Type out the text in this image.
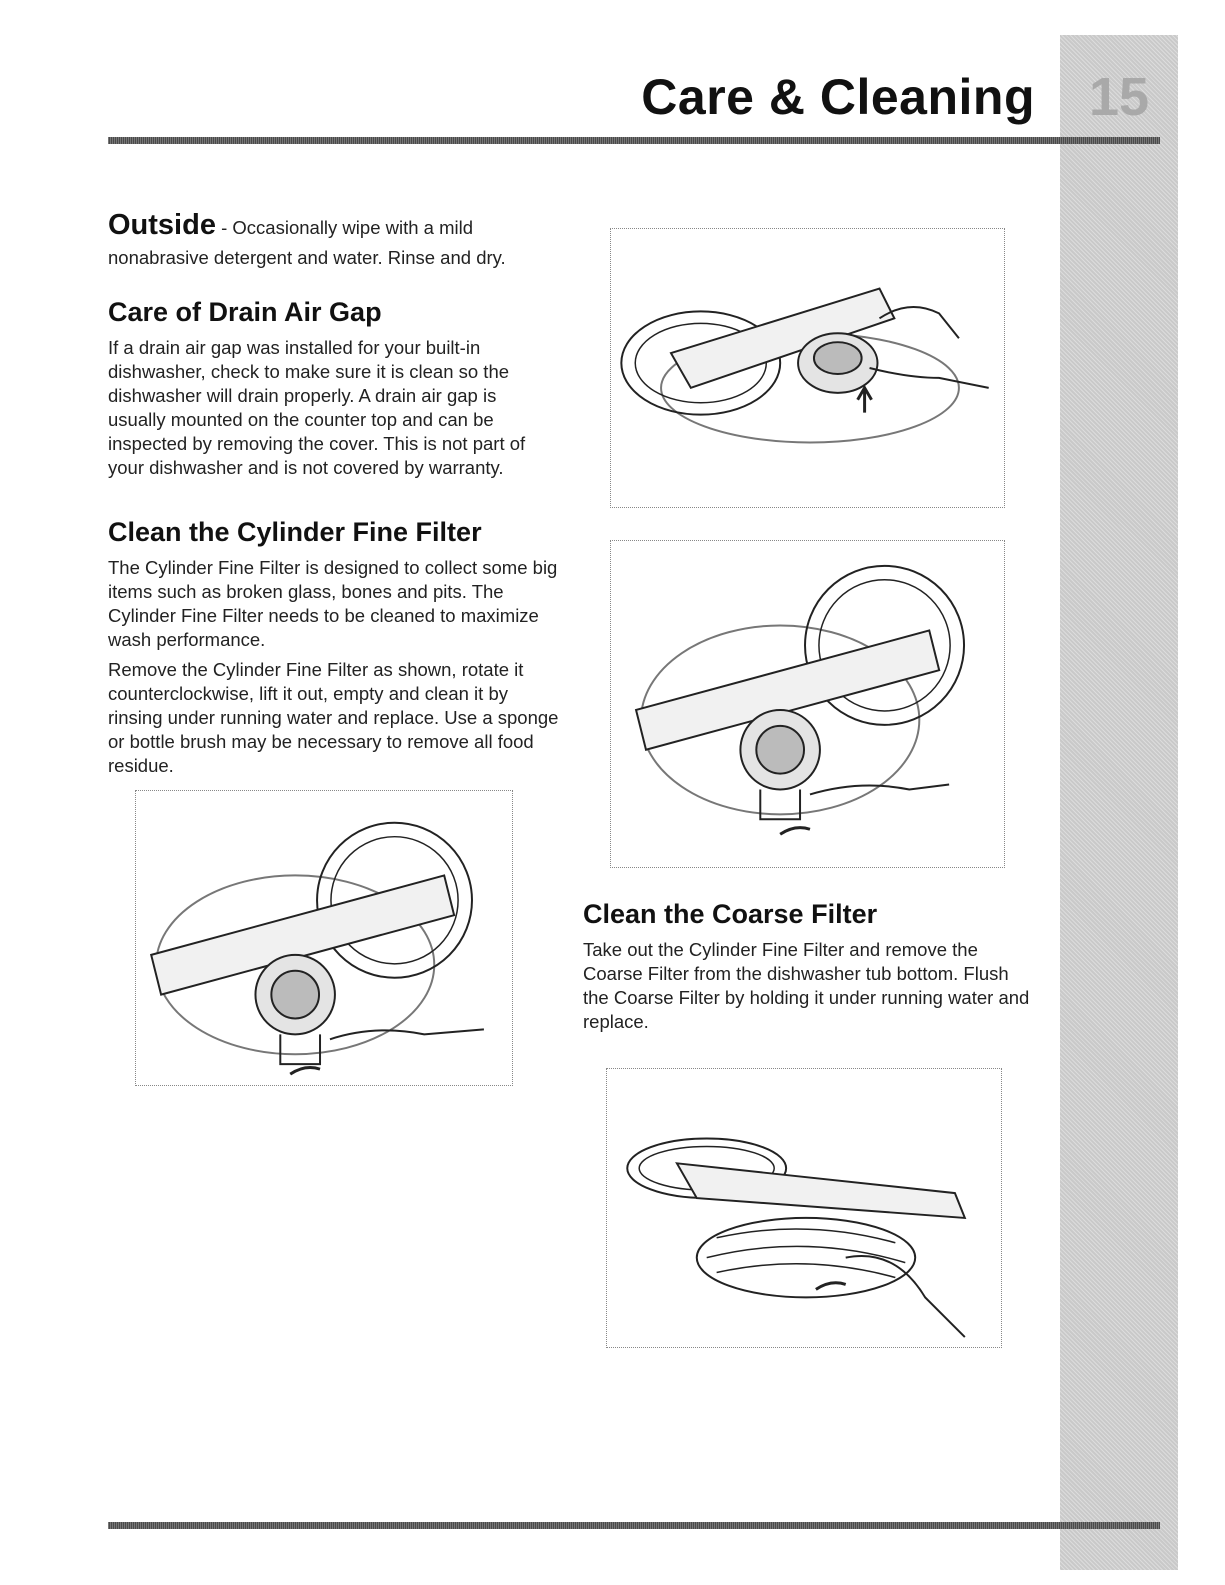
Care & Cleaning 15

Outside - Occasionally wipe with a mild

nonabrasive detergent and water. Rinse and dry.

Care of Drain Air Gap

If a drain air gap was installed for your built-in dishwasher, check to make sure it is clean so the dishwasher will drain properly. A drain air gap is usually mounted on the counter top and can be inspected by removing the cover. This is not part of your dishwasher and is not covered by warranty.

Clean the Cylinder Fine Filter

The Cylinder Fine Filter is designed to collect some big items such as broken glass, bones and pits. The Cylinder Fine Filter needs to be cleaned to maximize wash performance.

Remove the Cylinder Fine Filter as shown, rotate it counterclockwise, lift it out, empty and clean it by rinsing under running water and replace. Use a sponge or bottle brush may be necessary to remove all food residue.

Clean the Coarse Filter

Take out the Cylinder Fine Filter and remove the Coarse Filter from the dishwasher tub bottom. Flush the Coarse Filter by holding it under running water and replace.
